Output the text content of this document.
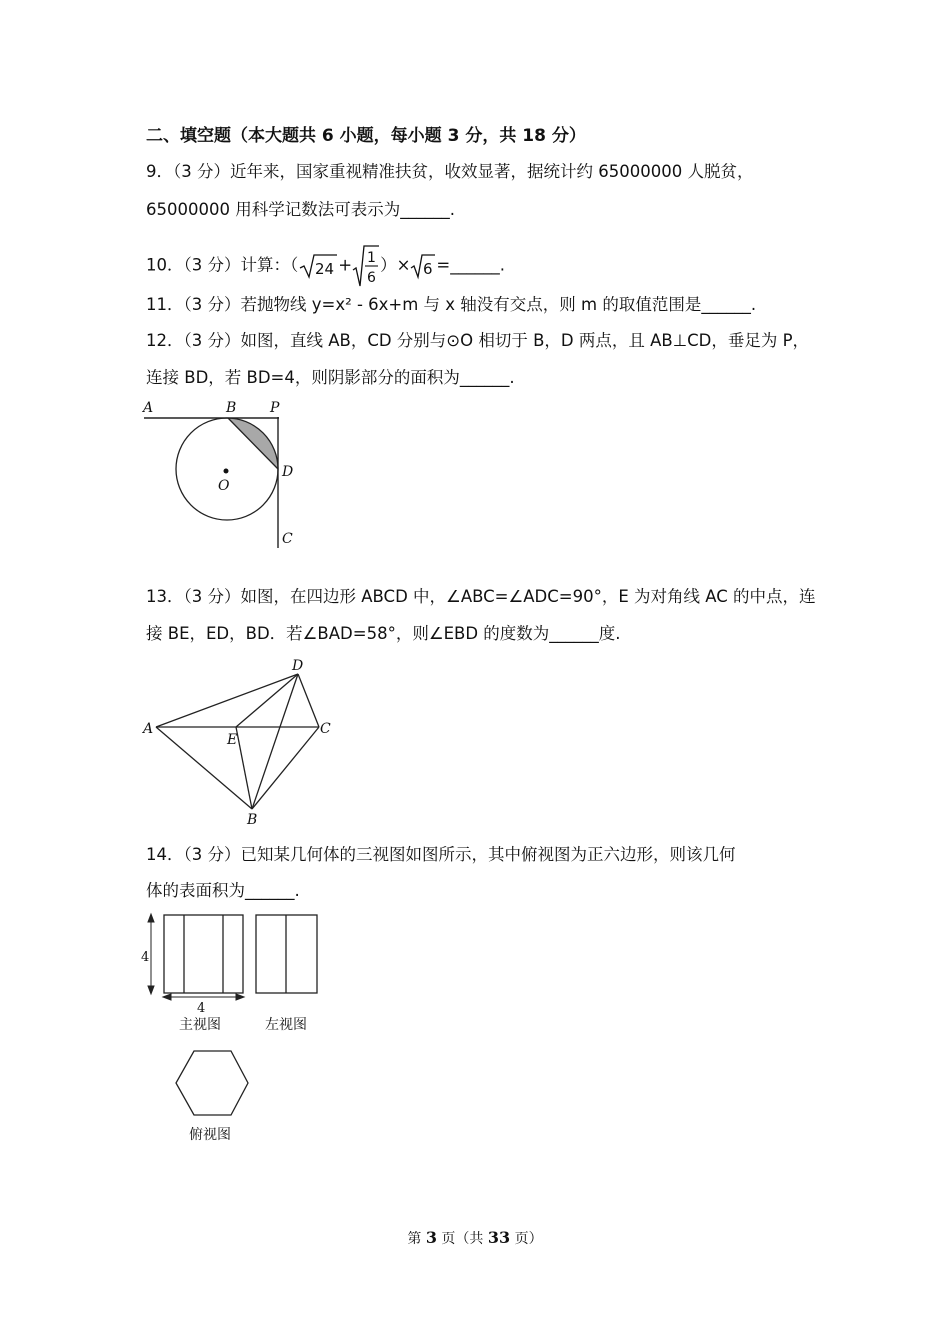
二、填空题（本大题共 6 小题，每小题 3 分，共 18 分）
9．（3 分）近年来，国家重视精准扶贫，收效显著，据统计约 65000000 人脱贫，
65000000 用科学记数法可表示为______.
10．（3 分）计算：（ 24 + 1
6
）× 6 =______.
11．（3 分）若抛物线 y=x² - 6x+m 与 x 轴没有交点，则 m 的取值范围是______.
12．（3 分）如图，直线 AB，CD 分别与⊙O 相切于 B，D 两点，且 AB⊥CD，垂足为 P，
连接 BD，若 BD=4，则阴影部分的面积为______.
A	B P
D
O
C
13．（3 分）如图，在四边形 ABCD 中，∠ABC=∠ADC=90°，E 为对角线 AC 的中点，连
接 BE，ED，BD．若∠BAD=58°，则∠EBD 的度数为______度.
A
D
C
E
B
14．（3 分）已知某几何体的三视图如图所示，其中俯视图为正六边形，则该几何
体的表面积为______.
4
4
主视图	左视图
俯视图
第 3 页（共 33 页）
